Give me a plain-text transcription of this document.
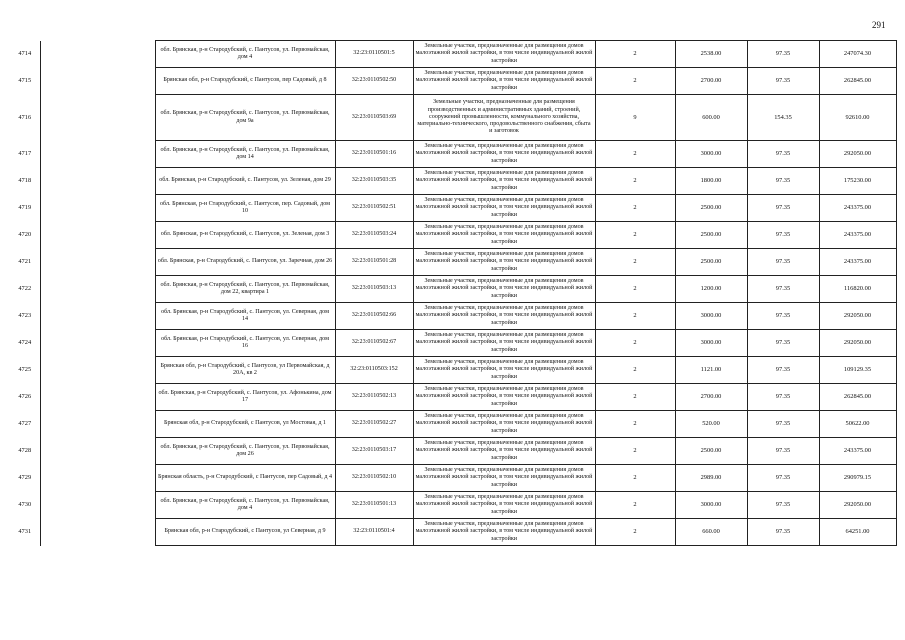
291
4714		обл. Брянская, р-н Стародубский, с. Пантусов, ул. Первомайская, дом 4	32:23:0110501:5	Земельные участки, предназначенные для размещения домов малоэтажной жилой застройки, в том числе индивидуальной жилой застройки	2	2538.00	97.35	247074.30
4715		Брянская обл, р-н Стародубский, с Пантусов, пер Садовый, д 8	32:23:0110502:50	Земельные участки, предназначенные для размещения домов малоэтажной жилой застройки, в том числе индивидуальной жилой застройки	2	2700.00	97.35	262845.00
4716		обл. Брянская, р-н Стародубский, с. Пантусов, ул. Первомайская, дом 9а	32:23:0110503:69	Земельные участки, предназначенные для размещения производственных и административных зданий, строений, сооружений промышленности, коммунального хозяйства, материально-технического, продовольственного снабжения, сбыта и заготовок	9	600.00	154.35	92610.00
4717		обл. Брянская, р-н Стародубский, с. Пантусов, ул. Первомайская, дом 14	32:23:0110501:16	Земельные участки, предназначенные для размещения домов малоэтажной жилой застройки, в том числе индивидуальной жилой застройки	2	3000.00	97.35	292050.00
4718		обл. Брянская, р-н Стародубский, с. Пантусов, ул. Зеленая, дом 29	32:23:0110503:35	Земельные участки, предназначенные для размещения домов малоэтажной жилой застройки, в том числе индивидуальной жилой застройки	2	1800.00	97.35	175230.00
4719		обл. Брянская, р-н Стародубский, с. Пантусов, пер. Садовый, дом 10	32:23:0110502:51	Земельные участки, предназначенные для размещения домов малоэтажной жилой застройки, в том числе индивидуальной жилой застройки	2	2500.00	97.35	243375.00
4720		обл. Брянская, р-н Стародубский, с. Пантусов, ул. Зеленая, дом 3	32:23:0110503:24	Земельные участки, предназначенные для размещения домов малоэтажной жилой застройки, в том числе индивидуальной жилой застройки	2	2500.00	97.35	243375.00
4721		обл. Брянская, р-н Стародубский, с. Пантусов, ул. Заречная, дом 26	32:23:0110501:28	Земельные участки, предназначенные для размещения домов малоэтажной жилой застройки, в том числе индивидуальной жилой застройки	2	2500.00	97.35	243375.00
4722		обл. Брянская, р-н Стародубский, с. Пантусов, ул. Первомайская, дом 22, квартира 1	32:23:0110503:13	Земельные участки, предназначенные для размещения домов малоэтажной жилой застройки, в том числе индивидуальной жилой застройки	2	1200.00	97.35	116820.00
4723		обл. Брянская, р-н Стародубский, с. Пантусов, ул. Северная, дом 14	32:23:0110502:66	Земельные участки, предназначенные для размещения домов малоэтажной жилой застройки, в том числе индивидуальной жилой застройки	2	3000.00	97.35	292050.00
4724		обл. Брянская, р-н Стародубский, с. Пантусов, ул. Северная, дом 16	32:23:0110502:67	Земельные участки, предназначенные для размещения домов малоэтажной жилой застройки, в том числе индивидуальной жилой застройки	2	3000.00	97.35	292050.00
4725		Брянская обл, р-н Стародубский, с Пантусов, ул Первомайская, д 20А, кв 2	32:23:0110503:152	Земельные участки, предназначенные для размещения домов малоэтажной жилой застройки, в том числе индивидуальной жилой застройки	2	1121.00	97.35	109129.35
4726		обл. Брянская, р-н Стародубский, с. Пантусов, ул. Афонькина, дом 17	32:23:0110502:13	Земельные участки, предназначенные для размещения домов малоэтажной жилой застройки, в том числе индивидуальной жилой застройки	2	2700.00	97.35	262845.00
4727		Брянская обл, р-н Стародубский, с Пантусов, ул Мостовая, д 1	32:23:0110502:27	Земельные участки, предназначенные для размещения домов малоэтажной жилой застройки, в том числе индивидуальной жилой застройки	2	520.00	97.35	50622.00
4728		обл. Брянская, р-н Стародубский, с. Пантусов, ул. Первомайская, дом 26	32:23:0110503:17	Земельные участки, предназначенные для размещения домов малоэтажной жилой застройки, в том числе индивидуальной жилой застройки	2	2500.00	97.35	243375.00
4729		Брянская область, р-н Стародубский, с Пантусов, пер Садовый, д 4	32:23:0110502:10	Земельные участки, предназначенные для размещения домов малоэтажной жилой застройки, в том числе индивидуальной жилой застройки	2	2989.00	97.35	290979.15
4730		обл. Брянская, р-н Стародубский, с. Пантусов, ул. Первомайская, дом 4	32:23:0110501:13	Земельные участки, предназначенные для размещения домов малоэтажной жилой застройки, в том числе индивидуальной жилой застройки	2	3000.00	97.35	292050.00
4731		Брянская обл, р-н Стародубский, с Пантусов, ул Северная, д 9	32:23:0110501:4	Земельные участки, предназначенные для размещения домов малоэтажной жилой застройки, в том числе индивидуальной жилой застройки	2	660.00	97.35	64251.00
